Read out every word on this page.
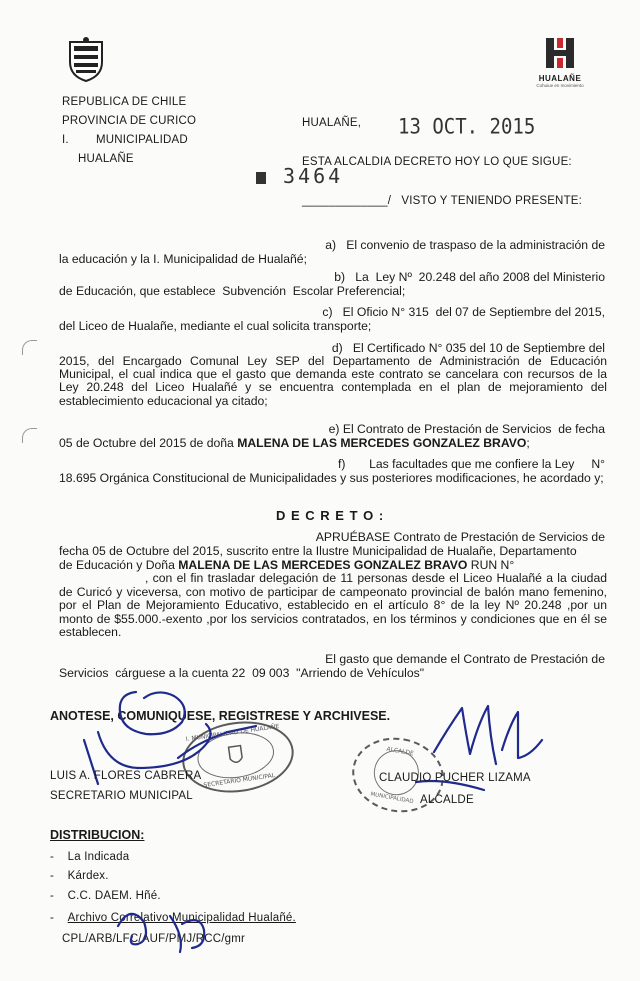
REPUBLICA DE CHILE
PROVINCIA DE CURICO
I. MUNICIPALIDAD
HUALAÑE
HUALAÑE
Cohuiue en movimiento
HUALAÑE, 13 OCT. 2015
ESTA ALCALDIA DECRETO HOY LO QUE SIGUE:
3464
_____________/   VISTO Y TENIENDO PRESENTE:
a)   El convenio de traspaso de la administración de
la educación y la I. Municipalidad de Hualañé;
b)   La  Ley Nº  20.248 del año 2008 del Ministerio
de Educación, que establece  Subvención  Escolar Preferencial;
c)   El Oficio N° 315  del 07 de Septiembre del 2015,
del Liceo de Hualañe, mediante el cual solicita transporte;
d)   El Certificado N° 035 del 10 de Septiembre del
2015, del Encargado Comunal Ley SEP del Departamento de Administración de Educación Municipal, el cual indica que el gasto que demanda este contrato se cancelara con recursos de la Ley 20.248 del Liceo Hualañé y se encuentra contemplada en el plan de mejoramiento del establecimiento educacional ya citado;
e) El Contrato de Prestación de Servicios  de fecha
05 de Octubre del 2015 de doña MALENA DE LAS MERCEDES GONZALEZ BRAVO;
f)       Las facultades que me confiere la Ley     N°
18.695 Orgánica Constitucional de Municipalidades y sus posteriores modificaciones, he acordado y;
D E C R E T O :
APRUÉBASE Contrato de Prestación de Servicios de
fecha 05 de Octubre del 2015, suscrito entre la Ilustre Municipalidad de Hualañe, Departamento
de Educación y Doña MALENA DE LAS MERCEDES GONZALEZ BRAVO RUN N°
, con el fin trasladar delegación de 11 personas desde el Liceo Hualañé a la ciudad de Curicó y viceversa, con motivo de participar de campeonato provincial de balón mano femenino, por el Plan de Mejoramiento Educativo, establecido en el artículo 8° de la ley Nº 20.248 ,por un monto de $55.000.-exento ,por los servicios contratados, en los términos y condiciones que en él se establecen.
El gasto que demande el Contrato de Prestación de
Servicios  cárguese a la cuenta 22  09 003  "Arriendo de Vehículos"
ANOTESE, COMUNIQUESE, REGISTRESE Y ARCHIVESE.
I. MUNICIPALIDAD DE HUALAÑE
SECRETARIO MUNICIPAL
ALCALDE
MUNICIPALIDAD
LUIS A. FLORES CABRERA
SECRETARIO MUNICIPAL
CLAUDIO PUCHER LIZAMA
ALCALDE
DISTRIBUCION:
-    La Indicada
-    Kárdex.
-    C.C. DAEM. Hñé.
-    Archivo Correlativo Municipalidad Hualañé.
CPL/ARB/LFC/AUF/PMJ/RCC/gmr
